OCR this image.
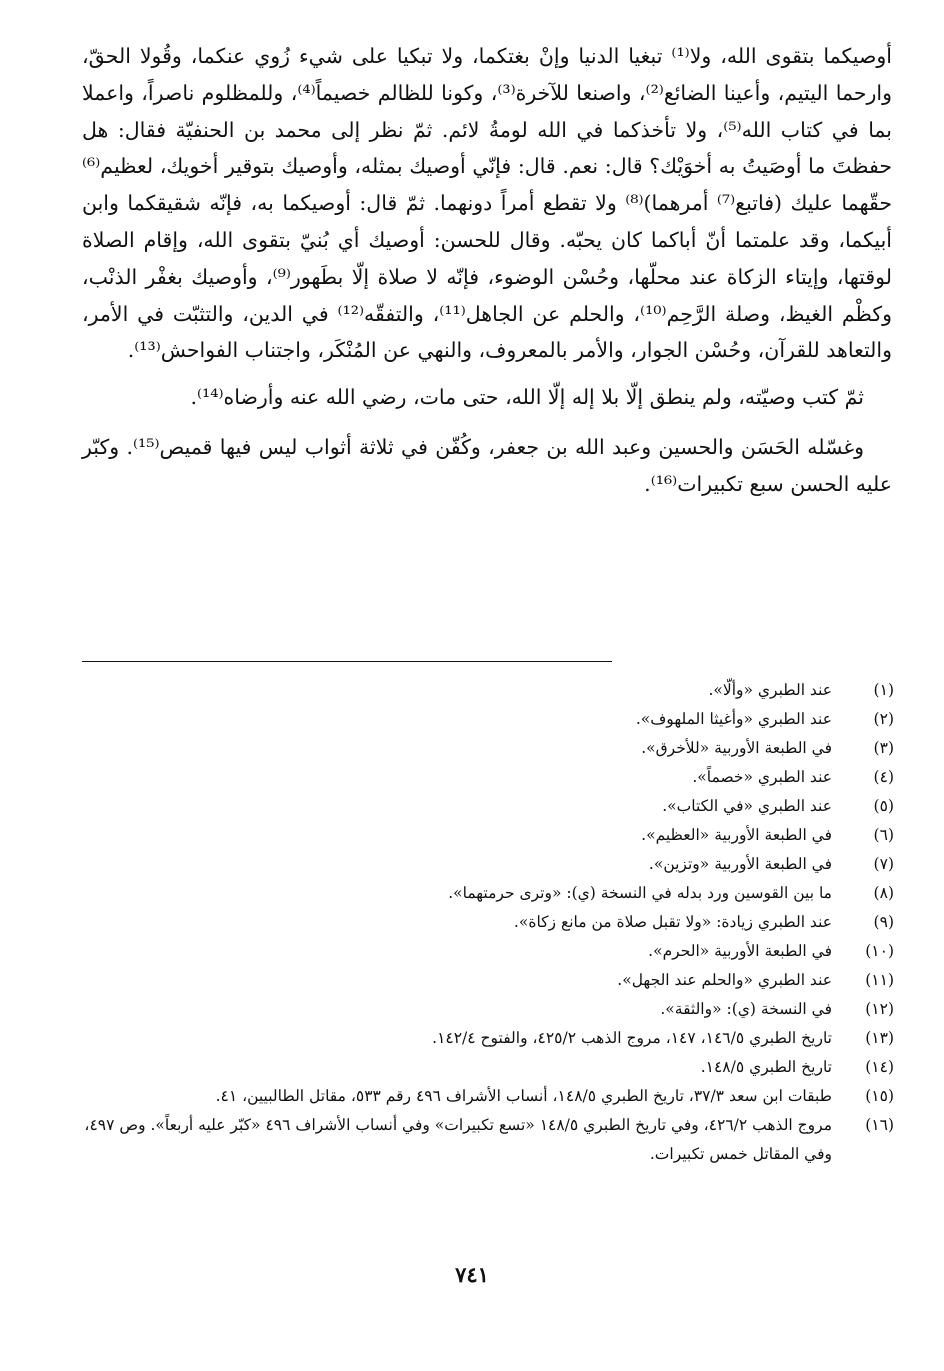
أوصيكما بتقوى الله، ولا⁽¹⁾ تبغيا الدنيا وإنْ بغتكما، ولا تبكيا على شيء زُوي عنكما، وقُولا الحقّ، وارحما اليتيم، وأعينا الضائع⁽²⁾، واصنعا للآخرة⁽³⁾، وكونا للظالم خصيماً⁽⁴⁾، وللمظلوم ناصراً، واعملا بما في كتاب الله⁽⁵⁾، ولا تأخذكما في الله لومةُ لائم. ثمّ نظر إلى محمد بن الحنفيّة فقال: هل حفظتَ ما أوصَيتُ به أخوَيْك؟ قال: نعم. قال: فإنّي أوصيك بمثله، وأوصيك بتوقير أخويك، لعظيم⁽⁶⁾ حقّهما عليك (فاتبع⁽⁷⁾ أمرهما)⁽⁸⁾ ولا تقطع أمراً دونهما. ثمّ قال: أوصيكما به، فإنّه شقيقكما وابن أبيكما، وقد علمتما أنّ أباكما كان يحبّه. وقال للحسن: أوصيك أي بُنيّ بتقوى الله، وإقام الصلاة لوقتها، وإيتاء الزكاة عند محلّها، وحُسْن الوضوء، فإنّه لا صلاة إلّا بطَهور⁽⁹⁾، وأوصيك بغفْر الذنْب، وكظْم الغيظ، وصلة الرَّحِم⁽¹⁰⁾، والحلم عن الجاهل⁽¹¹⁾، والتفقّه⁽¹²⁾ في الدين، والتثبّت في الأمر، والتعاهد للقرآن، وحُسْن الجوار، والأمر بالمعروف، والنهي عن المُنْكَر، واجتناب الفواحش⁽¹³⁾.

ثمّ كتب وصيّته، ولم ينطق إلّا بلا إله إلّا الله، حتى مات، رضي الله عنه وأرضاه⁽¹⁴⁾.

وغسّله الحَسَن والحسين وعبد الله بن جعفر، وكُفّن في ثلاثة أثواب ليس فيها قميص⁽¹⁵⁾. وكبّر عليه الحسن سبع تكبيرات⁽¹⁶⁾.

(١)
عند الطبري «وألّا».
(٢)
عند الطبري «وأغيثا الملهوف».
(٣)
في الطبعة الأوربية «للأخرق».
(٤)
عند الطبري «خصماً».
(٥)
عند الطبري «في الكتاب».
(٦)
في الطبعة الأوربية «العظيم».
(٧)
في الطبعة الأوربية «وتزين».
(٨)
ما بين القوسين ورد بدله في النسخة (ي): «وترى حرمتهما».
(٩)
عند الطبري زيادة: «ولا تقبل صلاة من مانع زكاة».
(١٠)
في الطبعة الأوربية «الحرم».
(١١)
عند الطبري «والحلم عند الجهل».
(١٢)
في النسخة (ي): «والثقة».
(١٣)
تاريخ الطبري ١٤٦/٥، ١٤٧، مروج الذهب ٤٢٥/٢، والفتوح ١٤٢/٤.
(١٤)
تاريخ الطبري ١٤٨/٥.
(١٥)
طبقات ابن سعد ٣٧/٣، تاريخ الطبري ١٤٨/٥، أنساب الأشراف ٤٩٦ رقم ٥٣٣، مقاتل الطالبيين، ٤١.
(١٦)
مروج الذهب ٤٢٦/٢، وفي تاريخ الطبري ١٤٨/٥ «تسع تكبيرات» وفي أنساب الأشراف ٤٩٦ «كبّر عليه أربعاً». وص ٤٩٧، وفي المقاتل خمس تكبيرات.
٧٤١
